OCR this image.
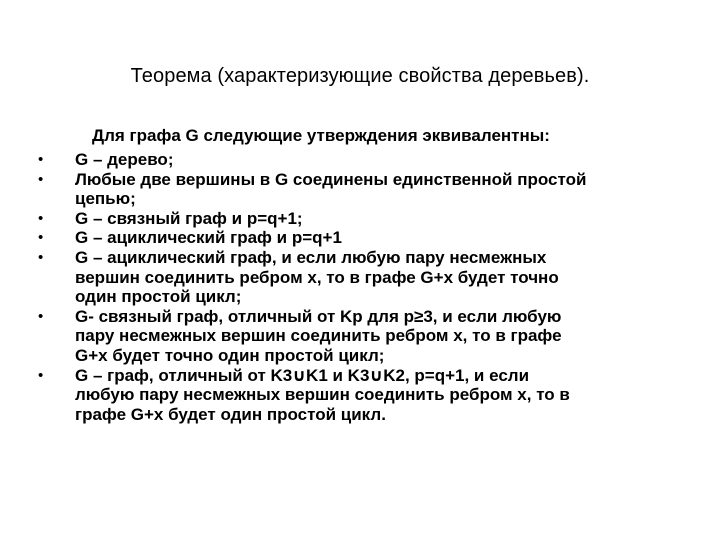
Теорема (характеризующие свойства деревьев).
Для графа G следующие утверждения эквивалентны:
•	G – дерево;
•	Любые две вершины в G соединены единственной простой
цепью;
•	G – связный граф и p=q+1;
•	G – ациклический граф и p=q+1
•	G – ациклический граф, и если любую пару несмежных
вершин соединить ребром x, то в графе G+x будет точно
один простой цикл;
•	G- связный граф, отличный от Kp для p≥3, и если любую
пару несмежных вершин соединить ребром x, то в графе
G+x будет точно один простой цикл;
•	G – граф, отличный от K3∪K1 и K3∪K2, p=q+1, и если
любую пару несмежных вершин соединить ребром x, то в
графе G+x будет один простой цикл.
